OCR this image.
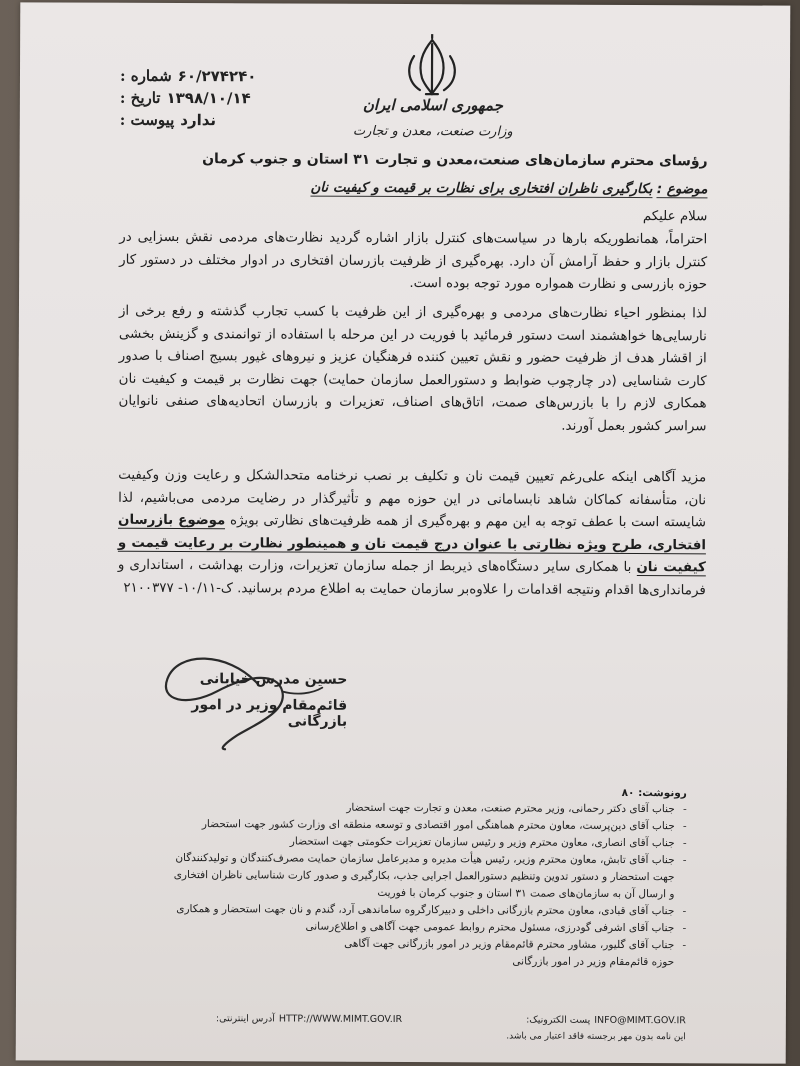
جمهوری اسلامی ایران
وزارت صنعت، معدن و تجارت
شماره : ۶۰/۲۷۴۲۴۰
تاریخ : ۱۳۹۸/۱۰/۱۴
پیوست : ندارد
رؤسای محترم سازمان‌های صنعت،معدن و تجارت ۳۱ استان و جنوب کرمان
موضوع : بکارگیری ناظران افتخاری برای نظارت بر قیمت و کیفیت نان
سلام علیکم
احتراماً، همانطوریکه بارها در سیاست‌های کنترل بازار اشاره گردید نظارت‌های مردمی نقش بسزایی در کنترل بازار و حفظ آرامش آن دارد. بهره‌گیری از ظرفیت بازرسان افتخاری در ادوار مختلف در دستور کار حوزه بازرسی و نظارت همواره مورد توجه بوده است.
لذا بمنظور احیاء نظارت‌های مردمی و بهره‌گیری از این ظرفیت با کسب تجارب گذشته و رفع برخی از نارسایی‌ها خواهشمند است دستور فرمائید با فوریت در این مرحله با استفاده از توانمندی و گزینش بخشی از اقشار هدف از ظرفیت حضور و نقش تعیین کننده فرهنگیان عزیز و نیروهای غیور بسیج اصناف با صدور کارت شناسایی (در چارچوب ضوابط و دستورالعمل سازمان حمایت) جهت نظارت بر قیمت و کیفیت نان همکاری لازم را با بازرس‌های صمت، اتاق‌های اصناف، تعزیرات و بازرسان اتحادیه‌های صنفی نانوایان سراسر کشور بعمل آورند.
مزید آگاهی اینکه علی‌رغم تعیین قیمت نان و تکلیف بر نصب نرخنامه متحدالشکل و رعایت وزن وکیفیت نان، متأسفانه کماکان شاهد نابسامانی در این حوزه مهم و تأثیرگذار در رضایت مردمی می‌باشیم، لذا شایسته است با عطف توجه به این مهم و بهره‌گیری از همه ظرفیت‌های نظارتی بویژه موضوع بازرسان افتخاری، طرح ویژه نظارتی با عنوان درج قیمت نان و همینطور نظارت بر رعایت قیمت و کیفیت نان با همکاری سایر دستگاه‌های ذیربط از جمله سازمان تعزیرات، وزارت بهداشت ، استانداری و فرمانداری‌ها اقدام ونتیجه اقدامات را علاوه‌بر سازمان حمایت به اطلاع مردم برسانید. ک-۱۰/۱۱- ۲۱۰۰۳۷۷
حسین مدرس خیابانی
قائم‌مقام وزیر در امور بازرگانی
رونوشت: ۸۰
- جناب آقای دکتر رحمانی، وزیر محترم صنعت، معدن و تجارت جهت استحضار
- جناب آقای دین‌پرست، معاون محترم هماهنگی امور اقتصادی و توسعه منطقه ای وزارت کشور جهت استحضار
- جناب آقای انصاری، معاون محترم وزیر و رئیس سازمان تعزیرات حکومتی جهت استحضار
- جناب آقای تابش، معاون محترم وزیر، رئیس هیأت مدیره و مدیرعامل سازمان حمایت مصرف‌کنندگان و تولیدکنندگان جهت استحضار و دستور تدوین وتنظیم دستورالعمل اجرایی جذب، بکارگیری و صدور کارت شناسایی ناظران افتخاری و ارسال آن به سازمان‌های صمت ۳۱ استان و جنوب کرمان با فوریت
- جناب آقای قبادی، معاون محترم بازرگانی داخلی و دبیرکارگروه ساماندهی آرد، گندم و نان جهت استحضار و همکاری
- جناب آقای اشرفی گودرزی، مسئول محترم روابط عمومی جهت آگاهی و اطلاع‌رسانی
- جناب آقای گلیور، مشاور محترم قائم‌مقام وزیر در امور بازرگانی جهت آگاهی
حوزه قائم‌مقام وزیر در امور بازرگانی
آدرس اینترنتی: HTTP://WWW.MIMT.GOV.IR	پست الکترونیک: INFO@MIMT.GOV.IR
این نامه بدون مهر برجسته فاقد اعتبار می باشد.
